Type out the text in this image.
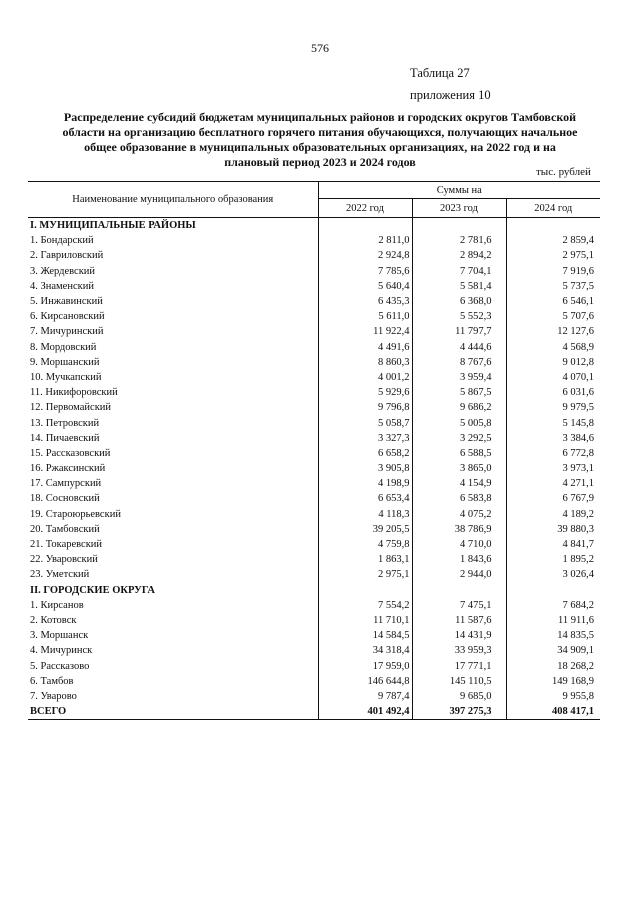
576
Таблица 27
приложения 10
Распределение субсидий бюджетам муниципальных районов и городских округов Тамбовской области на организацию бесплатного горячего питания обучающихся, получающих начальное общее образование в муниципальных образовательных организациях, на 2022 год и на плановый период 2023 и 2024 годов
тыс. рублей
Наименование муниципального образования	Суммы на		
	2022 год	2023 год	2024 год
I. МУНИЦИПАЛЬНЫЕ РАЙОНЫ			
1. Бондарский	2 811,0	2 781,6	2 859,4
2. Гавриловский	2 924,8	2 894,2	2 975,1
3. Жердевский	7 785,6	7 704,1	7 919,6
4. Знаменский	5 640,4	5 581,4	5 737,5
5. Инжавинский	6 435,3	6 368,0	6 546,1
6. Кирсановский	5 611,0	5 552,3	5 707,6
7. Мичуринский	11 922,4	11 797,7	12 127,6
8. Мордовский	4 491,6	4 444,6	4 568,9
9. Моршанский	8 860,3	8 767,6	9 012,8
10. Мучкапский	4 001,2	3 959,4	4 070,1
11. Никифоровский	5 929,6	5 867,5	6 031,6
12. Первомайский	9 796,8	9 686,2	9 979,5
13. Петровский	5 058,7	5 005,8	5 145,8
14. Пичаевский	3 327,3	3 292,5	3 384,6
15. Рассказовский	6 658,2	6 588,5	6 772,8
16. Ржаксинский	3 905,8	3 865,0	3 973,1
17. Сампурский	4 198,9	4 154,9	4 271,1
18. Сосновский	6 653,4	6 583,8	6 767,9
19. Староюрьевский	4 118,3	4 075,2	4 189,2
20. Тамбовский	39 205,5	38 786,9	39 880,3
21. Токаревский	4 759,8	4 710,0	4 841,7
22. Уваровский	1 863,1	1 843,6	1 895,2
23. Уметский	2 975,1	2 944,0	3 026,4
II. ГОРОДСКИЕ ОКРУГА			
1. Кирсанов	7 554,2	7 475,1	7 684,2
2. Котовск	11 710,1	11 587,6	11 911,6
3. Моршанск	14 584,5	14 431,9	14 835,5
4. Мичуринск	34 318,4	33 959,3	34 909,1
5. Рассказово	17 959,0	17 771,1	18 268,2
6. Тамбов	146 644,8	145 110,5	149 168,9
7. Уварово	9 787,4	9 685,0	9 955,8
ВСЕГО	401 492,4	397 275,3	408 417,1
